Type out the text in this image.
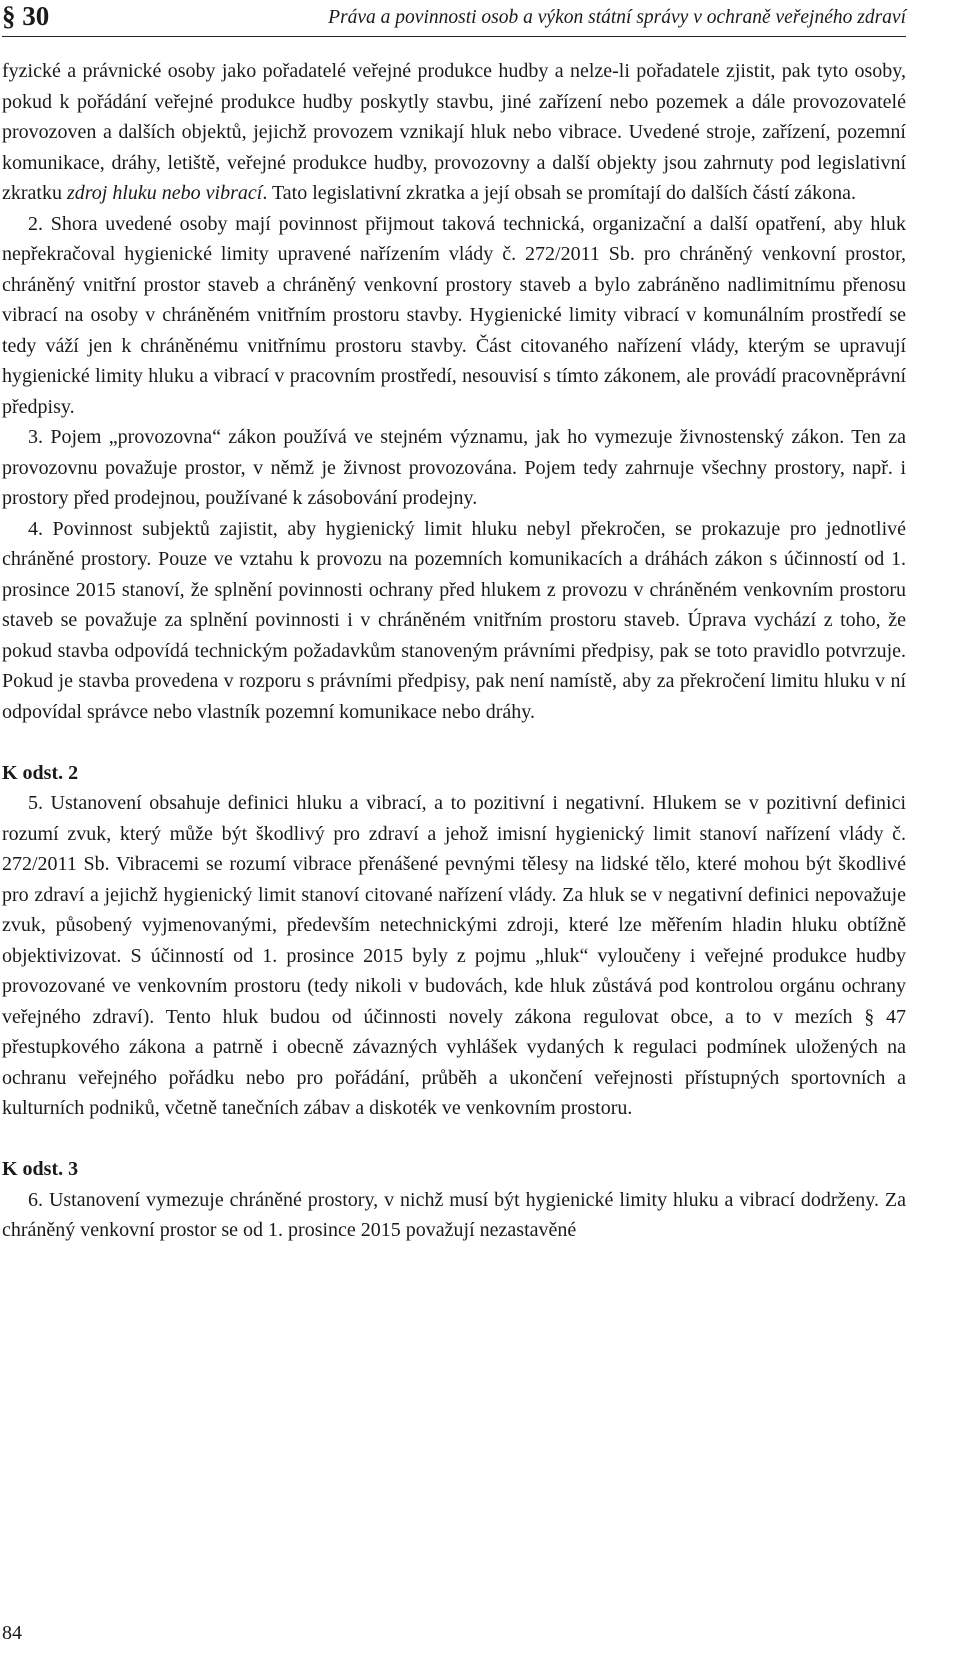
§ 30	Práva a povinnosti osob a výkon státní správy v ochraně veřejného zdraví

fyzické a právnické osoby jako pořadatelé veřejné produkce hudby a nelze-li pořadatele zjistit, pak tyto osoby, pokud k pořádání veřejné produkce hudby poskytly stavbu, jiné zařízení nebo pozemek a dále provozovatelé provozoven a dalších objektů, jejichž provozem vznikají hluk nebo vibrace. Uvedené stroje, zařízení, pozemní komunikace, dráhy, letiště, veřejné produkce hudby, provozovny a další objekty jsou zahrnuty pod legislativní zkratku zdroj hluku nebo vibrací. Tato legislativní zkratka a její obsah se promítají do dalších částí zákona.

2. Shora uvedené osoby mají povinnost přijmout taková technická, organizační a další opatření, aby hluk nepřekračoval hygienické limity upravené nařízením vlády č. 272/2011 Sb. pro chráněný venkovní prostor, chráněný vnitřní prostor staveb a chráněný venkovní prostory staveb a bylo zabráněno nadlimitnímu přenosu vibrací na osoby v chráněném vnitřním prostoru stavby. Hygienické limity vibrací v komunálním prostředí se tedy váží jen k chráněnému vnitřnímu prostoru stavby. Část citovaného nařízení vlády, kterým se upravují hygienické limity hluku a vibrací v pracovním prostředí, nesouvisí s tímto zákonem, ale provádí pracovněprávní předpisy.

3. Pojem „provozovna“ zákon používá ve stejném významu, jak ho vymezuje živnostenský zákon. Ten za provozovnu považuje prostor, v němž je živnost provozována. Pojem tedy zahrnuje všechny prostory, např. i prostory před prodejnou, používané k zásobování prodejny.

4. Povinnost subjektů zajistit, aby hygienický limit hluku nebyl překročen, se prokazuje pro jednotlivé chráněné prostory. Pouze ve vztahu k provozu na pozemních komunikacích a dráhách zákon s účinností od 1. prosince 2015 stanoví, že splnění povinnosti ochrany před hlukem z provozu v chráněném venkovním prostoru staveb se považuje za splnění povinnosti i v chráněném vnitřním prostoru staveb. Úprava vychází z toho, že pokud stavba odpovídá technickým požadavkům stanoveným právními předpisy, pak se toto pravidlo potvrzuje. Pokud je stavba provedena v rozporu s právními předpisy, pak není namístě, aby za překročení limitu hluku v ní odpovídal správce nebo vlastník pozemní komunikace nebo dráhy.

K odst. 2

5. Ustanovení obsahuje definici hluku a vibrací, a to pozitivní i negativní. Hlukem se v pozitivní definici rozumí zvuk, který může být škodlivý pro zdraví a jehož imisní hygienický limit stanoví nařízení vlády č. 272/2011 Sb. Vibracemi se rozumí vibrace přenášené pevnými tělesy na lidské tělo, které mohou být škodlivé pro zdraví a jejichž hygienický limit stanoví citované nařízení vlády. Za hluk se v negativní definici nepovažuje zvuk, působený vyjmenovanými, především netechnickými zdroji, které lze měřením hladin hluku obtížně objektivizovat. S účinností od 1. prosince 2015 byly z pojmu „hluk“ vyloučeny i veřejné produkce hudby provozované ve venkovním prostoru (tedy nikoli v budovách, kde hluk zůstává pod kontrolou orgánu ochrany veřejného zdraví). Tento hluk budou od účinnosti novely zákona regulovat obce, a to v mezích § 47 přestupkového zákona a patrně i obecně závazných vyhlášek vydaných k regulaci podmínek uložených na ochranu veřejného pořádku nebo pro pořádání, průběh a ukončení veřejnosti přístupných sportovních a kulturních podniků, včetně tanečních zábav a diskoték ve venkovním prostoru.

K odst. 3

6. Ustanovení vymezuje chráněné prostory, v nichž musí být hygienické limity hluku a vibrací dodrženy. Za chráněný venkovní prostor se od 1. prosince 2015 považují nezastavěné

84
